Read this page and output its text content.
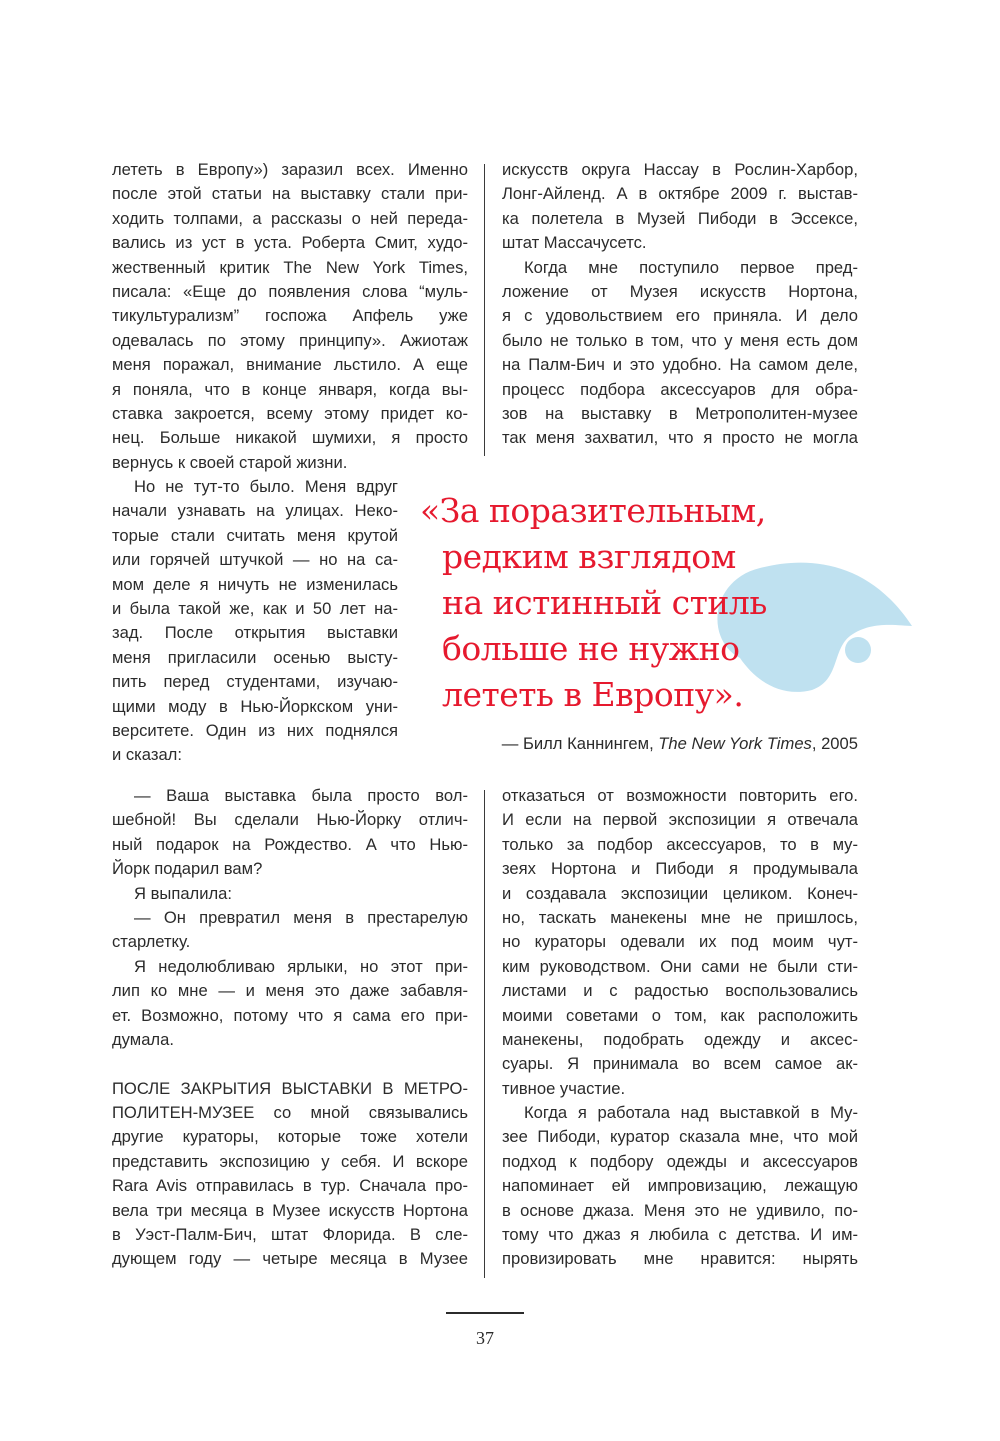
лететь в Европу») заразил всех. Именно
после этой статьи на выставку стали при-
ходить толпами, а рассказы о ней переда-
вались из уст в уста. Роберта Смит, худо-
жественный критик The New York Times,
писала: «Еще до появления слова “муль-
тикультурализм” госпожа Апфель уже
одевалась по этому принципу». Ажиотаж
меня поражал, внимание льстило. А еще
я поняла, что в конце января, когда вы-
ставка закроется, всему этому придет ко-
нец. Больше никакой шумихи, я просто
вернусь к своей старой жизни.
Но не тут-то было. Меня вдруг
начали узнавать на улицах. Неко-
торые стали считать меня крутой
или горячей штучкой — но на са-
мом деле я ничуть не изменилась
и была такой же, как и 50 лет на-
зад. После открытия выставки
меня пригласили осенью высту-
пить перед студентами, изучаю-
щими моду в Нью-Йоркском уни-
верситете. Один из них поднялся
и сказал:
— Ваша выставка была просто вол-
шебной! Вы сделали Нью-Йорку отлич-
ный подарок на Рождество. А что Нью-
Йорк подарил вам?
Я выпалила:
— Он превратил меня в престарелую
старлетку.
Я недолюбливаю ярлыки, но этот при-
лип ко мне — и меня это даже забавля-
ет. Возможно, потому что я сама его при-
думала.

ПОСЛЕ ЗАКРЫТИЯ ВЫСТАВКИ В МЕТРО-
ПОЛИТЕН-МУЗЕЕ со мной связывались
другие кураторы, которые тоже хотели
представить экспозицию у себя. И вскоре
Rara Avis отправилась в тур. Сначала про-
вела три месяца в Музее искусств Нортона
в Уэст-Палм-Бич, штат Флорида. В сле-
дующем году — четыре месяца в Музее
искусств округа Нассау в Рослин-Харбор,
Лонг-Айленд. А в октябре 2009 г. выстав-
ка полетела в Музей Пибоди в Эссексе,
штат Массачусетс.
Когда мне поступило первое пред-
ложение от Музея искусств Нортона,
я с удовольствием его приняла. И дело
было не только в том, что у меня есть дом
на Палм-Бич и это удобно. На самом деле,
процесс подбора аксессуаров для обра-
зов на выставку в Метрополитен-музее
так меня захватил, что я просто не могла
«За поразительным,
редким взглядом
на истинный стиль
больше не нужно
лететь в Европу».
— Билл Каннингем, The New York Times, 2005
отказаться от возможности повторить его.
И если на первой экспозиции я отвечала
только за подбор аксессуаров, то в му-
зеях Нортона и Пибоди я продумывала
и создавала экспозиции целиком. Конеч-
но, таскать манекены мне не пришлось,
но кураторы одевали их под моим чут-
ким руководством. Они сами не были сти-
листами и с радостью воспользовались
моими советами о том, как расположить
манекены, подобрать одежду и аксес-
суары. Я принимала во всем самое ак-
тивное участие.
Когда я работала над выставкой в Му-
зее Пибоди, куратор сказала мне, что мой
подход к подбору одежды и аксессуаров
напоминает ей импровизацию, лежащую
в основе джаза. Меня это не удивило, по-
тому что джаз я любила с детства. И им-
провизировать мне нравится: нырять
37
